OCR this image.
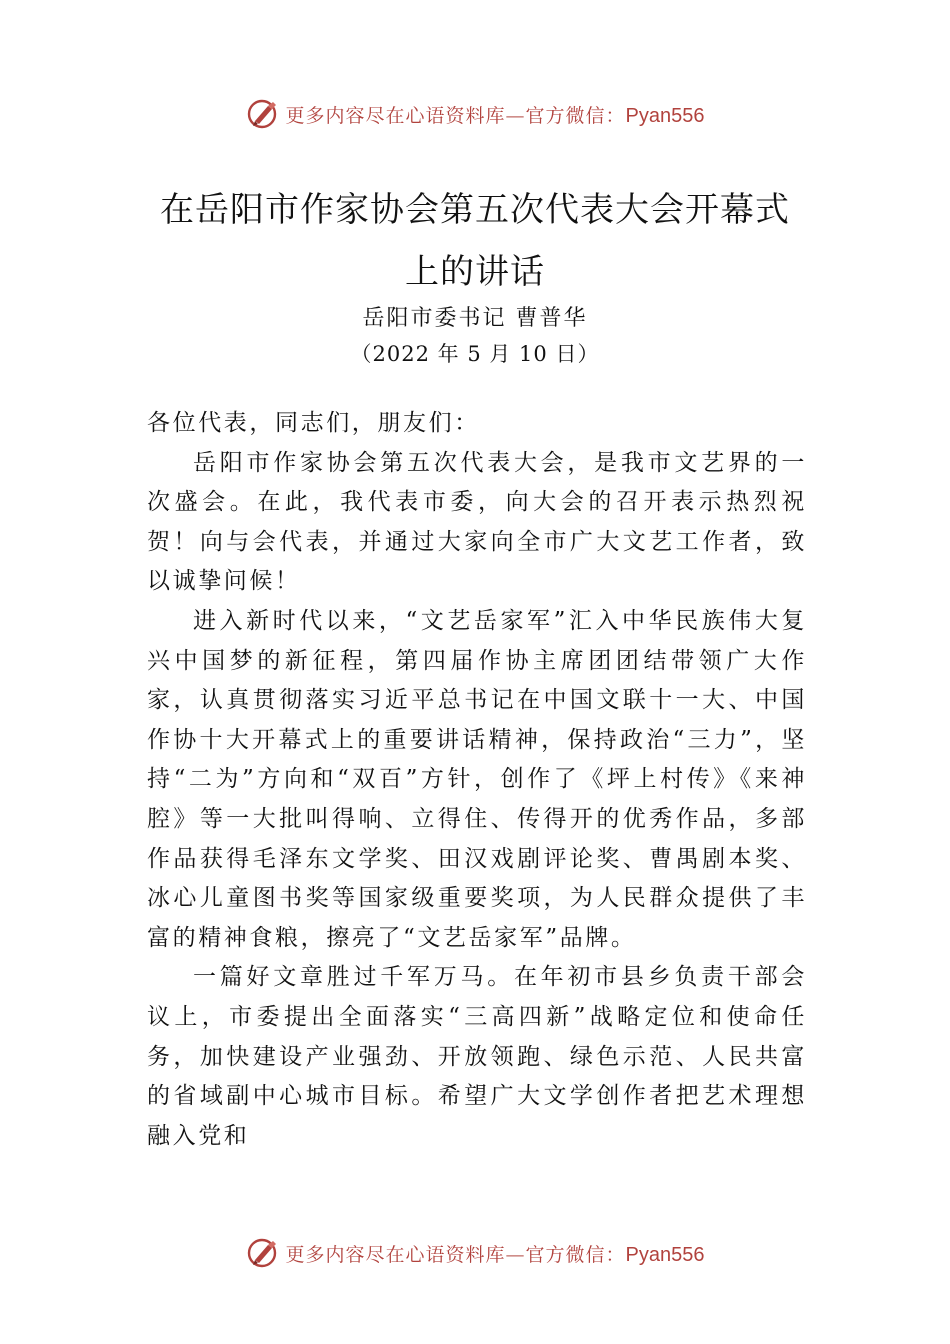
更多内容尽在心语资料库—官方微信：Pyan556
在岳阳市作家协会第五次代表大会开幕式
上的讲话
岳阳市委书记 曹普华
（2022 年 5 月 10 日）

各位代表，同志们，朋友们：

岳阳市作家协会第五次代表大会，是我市文艺界的一次盛会。在此，我代表市委，向大会的召开表示热烈祝贺！向与会代表，并通过大家向全市广大文艺工作者，致以诚挚问候！

进入新时代以来，“文艺岳家军”汇入中华民族伟大复兴中国梦的新征程，第四届作协主席团团结带领广大作家，认真贯彻落实习近平总书记在中国文联十一大、中国作协十大开幕式上的重要讲话精神，保持政治“三力”，坚持“二为”方向和“双百”方针，创作了《坪上村传》《来神腔》等一大批叫得响、立得住、传得开的优秀作品，多部作品获得毛泽东文学奖、田汉戏剧评论奖、曹禺剧本奖、冰心儿童图书奖等国家级重要奖项，为人民群众提供了丰富的精神食粮，擦亮了“文艺岳家军”品牌。

一篇好文章胜过千军万马。在年初市县乡负责干部会议上，市委提出全面落实“三高四新”战略定位和使命任务，加快建设产业强劲、开放领跑、绿色示范、人民共富的省域副中心城市目标。希望广大文学创作者把艺术理想融入党和

更多内容尽在心语资料库—官方微信：Pyan556
